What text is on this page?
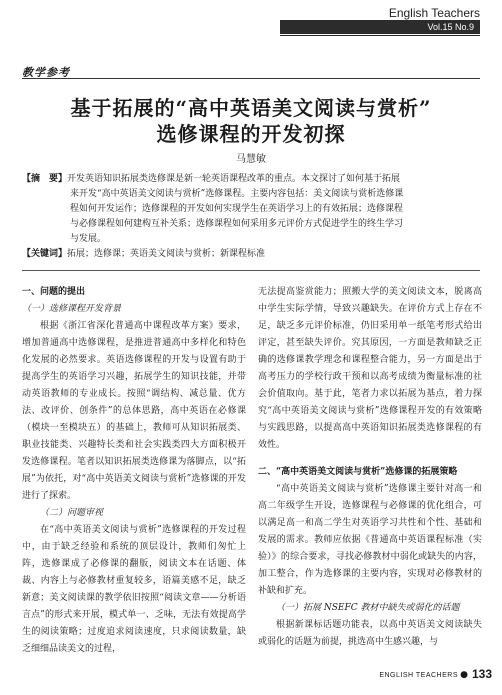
English Teachers
Vol.15 No.9
教学参考
基于拓展的“高中英语美文阅读与赏析”
选修课程的开发初探
马慧敏
【摘　要】开发英语知识拓展类选修课是新一轮英语课程改革的重点。本文探讨了如何基于拓展
来开发“高中英语美文阅读与赏析”选修课程。主要内容包括：美文阅读与赏析选修课
程如何开发运作；选修课程的开发如何实现学生在英语学习上的有效拓展；选修课程
与必修课程如何建构互补关系；选修课程如何采用多元评价方式促进学生的终生学习
与发展。
【关键词】拓展；选修课；英语美文阅读与赏析；新课程标准
一、问题的提出
（一）选修课程开发背景

根据《浙江省深化普通高中课程改革方案》要求，增加普通高中选修课程，是推进普通高中多样化和特色化发展的必然要求。英语选修课程的开发与设置有助于提高学生的英语学习兴趣，拓展学生的知识技能，并带动英语教师的专业成长。按照“调结构、减总量、优方法、改评价、创条件”的总体思路，高中英语在必修课（模块一至模块五）的基础上，教师可从知识拓展类、职业技能类、兴趣特长类和社会实践类四大方面积极开发选修课程。笔者以知识拓展类选修课为落脚点，以“拓展”为依托，对“高中英语美文阅读与赏析”选修课的开发进行了探索。

（二）问题审视

在“高中英语美文阅读与赏析”选修课程的开发过程中，由于缺乏经验和系统的顶层设计，教师们匆忙上阵，选修课成了必修课的翻版，阅读文本在话题、体裁、内容上与必修教材重复较多，语篇美感不足，缺乏新意；美文阅读课的教学依旧按照“阅读文章——分析语言点”的形式来开展，模式单一、乏味，无法有效提高学生的阅读策略；过度追求阅读速度，只求阅读数量，缺乏细细品读美文的过程，

无法提高鉴赏能力；照搬大学的美文阅读文本，脱离高中学生实际学情，导致兴趣缺失。在评价方式上存在不足，缺乏多元评价标准，仍旧采用单一纸笔考形式给出评定，甚至缺失评价。究其原因，一方面是教师缺乏正确的选修课教学理念和课程整合能力，另一方面是出于高考压力的学校行政干预和以高考成绩为衡量标准的社会价值取向。基于此，笔者力求以拓展为基点，着力探究“高中英语美文阅读与赏析”选修课程开发的有效策略与实践思路，以提高高中英语知识拓展类选修课程的有效性。

二、“高中英语美文阅读与赏析”选修课的拓展策略

“高中英语美文阅读与赏析”选修课主要针对高一和高二年级学生开设，选修课程与必修课的优化组合，可以满足高一和高二学生对英语学习共性和个性、基础和发展的需求。教师应依据《普通高中英语课程标准（实验）》的综合要求，寻找必修教材中弱化或缺失的内容，加工整合，作为选修课的主要内容，实现对必修教材的补缺和扩充。

（一）拓展 NSEFC 教材中缺失或弱化的话题

根据新课标话题功能表，以高中英语美文阅读缺失或弱化的话题为前提，挑选高中生感兴趣，与

ENGLISH TEACHERS ● 133
